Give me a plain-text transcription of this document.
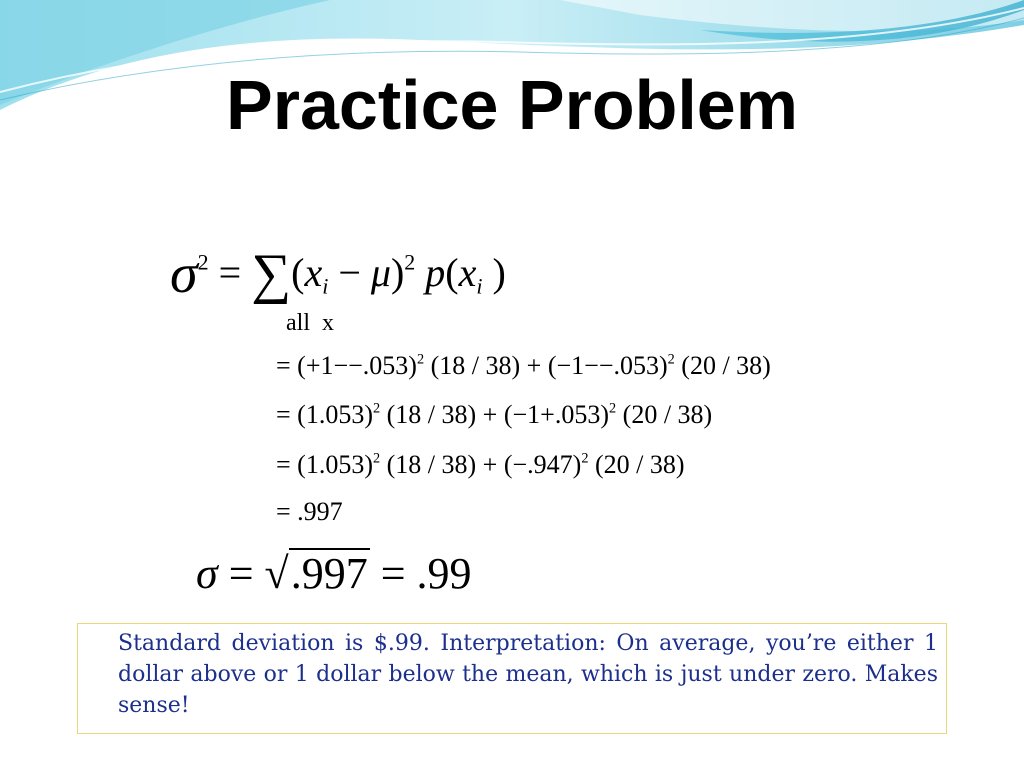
Practice Problem
$\sigma^2 = \sum(x_i - \mu)^2$ $p(x_i$ )
all  x
= $(+1--.053)^2$ $(18 / 38) + (-1--.053)^2$ (20 / 38)
= $(1.053)^2$ $(18 / 38) + (-1+.053)^2$ (20 / 38)
= $(1.053)^2$ $(18 / 38) + (-.947)^2$ (20 / 38)
= .997
σ = √.997 = .99
Standard deviation is $.99. Interpretation: On average, you’re either 1 dollar above or 1 dollar below the mean, which is just under zero. Makes sense!
